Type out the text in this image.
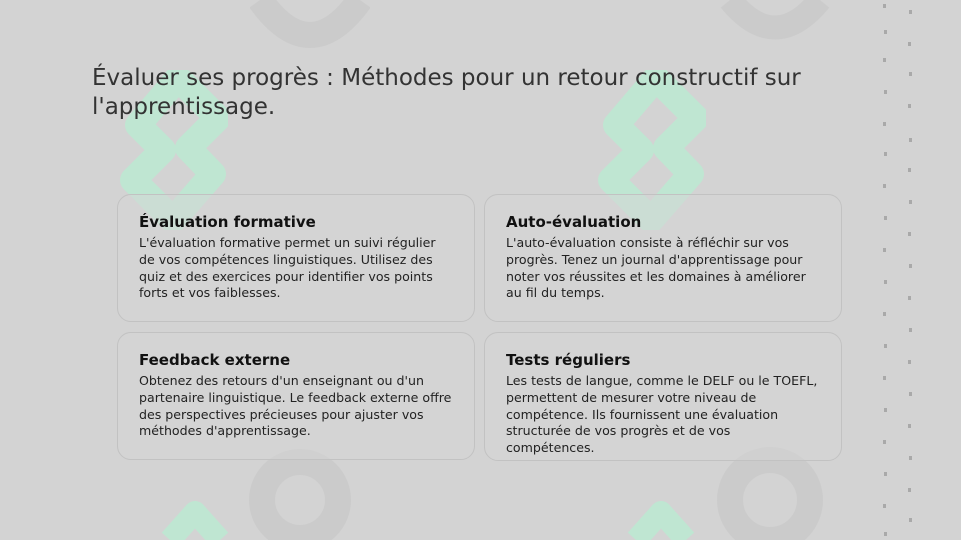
Évaluer ses progrès : Méthodes pour un retour constructif sur l'apprentissage.
Évaluation formative

L'évaluation formative permet un suivi régulier de vos compétences linguistiques. Utilisez des quiz et des exercices pour identifier vos points forts et vos faiblesses.

Auto-évaluation

L'auto-évaluation consiste à réfléchir sur vos progrès. Tenez un journal d'apprentissage pour noter vos réussites et les domaines à améliorer au fil du temps.

Feedback externe

Obtenez des retours d'un enseignant ou d'un partenaire linguistique. Le feedback externe offre des perspectives précieuses pour ajuster vos méthodes d'apprentissage.

Tests réguliers

Les tests de langue, comme le DELF ou le TOEFL, permettent de mesurer votre niveau de compétence. Ils fournissent une évaluation structurée de vos progrès et de vos compétences.
